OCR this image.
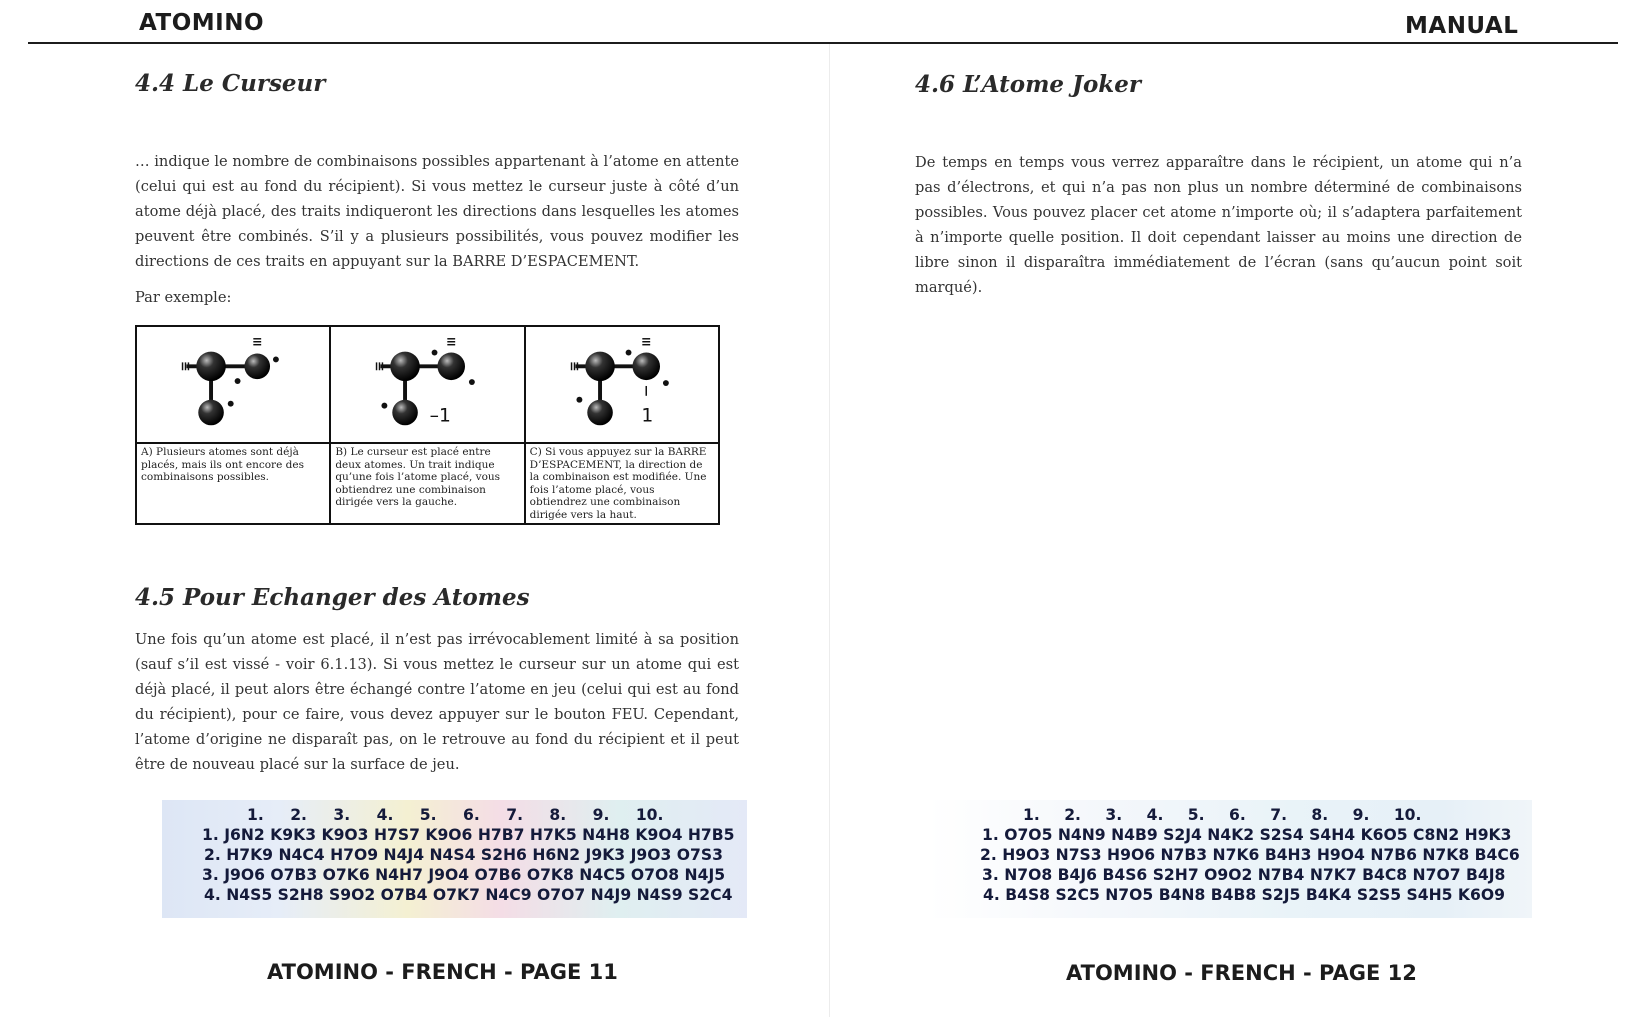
ATOMINO	MANUAL
4.4 Le Curseur

… indique le nombre de combinaisons possibles appartenant à l’atome en attente (celui qui est au fond du récipient). Si vous mettez le curseur juste à côté d’un atome déjà placé, des traits indiqueront les directions dans lesquelles les atomes peuvent être combinés. S’il y a plusieurs possibilités, vous pouvez modifier les directions de ces traits en appuyant sur la BARRE D’ESPACEMENT.

Par exemple:

A) Plusieurs atomes sont déjà placés, mais ils ont encore des combinaisons possibles.
–1
B) Le curseur est placé entre deux atomes. Un trait indique qu’une fois l’atome placé, vous obtiendrez une combinaison dirigée vers la gauche.
1
C) Si vous appuyez sur la BARRE D’ESPACEMENT, la direction de la combinaison est modifiée. Une fois l’atome placé, vous obtiendrez une combinaison dirigée vers la haut.
4.5 Pour Echanger des Atomes

Une fois qu’un atome est placé, il n’est pas irrévocablement limité à sa position (sauf s’il est vissé - voir 6.1.13). Si vous mettez le curseur sur un atome qui est déjà placé, il peut alors être échangé contre l’atome en jeu (celui qui est au fond du récipient), pour ce faire, vous devez appuyer sur le bouton FEU. Cependant, l’atome d’origine ne disparaît pas, on le retrouve au fond du récipient et il peut être de nouveau placé sur la surface de jeu.

1. 2. 3. 4. 5. 6. 7. 8. 9. 10.
1. J6N2 K9K3 K9O3 H7S7 K9O6 H7B7 H7K5 N4H8 K9O4 H7B5
2. H7K9 N4C4 H7O9 N4J4 N4S4 S2H6 H6N2 J9K3 J9O3 O7S3
3. J9O6 O7B3 O7K6 N4H7 J9O4 O7B6 O7K8 N4C5 O7O8 N4J5
4. N4S5 S2H8 S9O2 O7B4 O7K7 N4C9 O7O7 N4J9 N4S9 S2C4
ATOMINO - FRENCH - PAGE 11
4.6 L’Atome Joker

De temps en temps vous verrez apparaître dans le récipient, un atome qui n’a pas d’électrons, et qui n’a pas non plus un nombre déterminé de combinaisons possibles. Vous pouvez placer cet atome n’importe où; il s’adaptera parfaitement à n’importe quelle position. Il doit cependant laisser au moins une direction de libre sinon il disparaîtra immédiatement de l’écran (sans qu’aucun point soit marqué).

1. 2. 3. 4. 5. 6. 7. 8. 9. 10.
1. O7O5 N4N9 N4B9 S2J4 N4K2 S2S4 S4H4 K6O5 C8N2 H9K3
2. H9O3 N7S3 H9O6 N7B3 N7K6 B4H3 H9O4 N7B6 N7K8 B4C6
3. N7O8 B4J6 B4S6 S2H7 O9O2 N7B4 N7K7 B4C8 N7O7 B4J8
4. B4S8 S2C5 N7O5 B4N8 B4B8 S2J5 B4K4 S2S5 S4H5 K6O9
ATOMINO - FRENCH - PAGE 12
